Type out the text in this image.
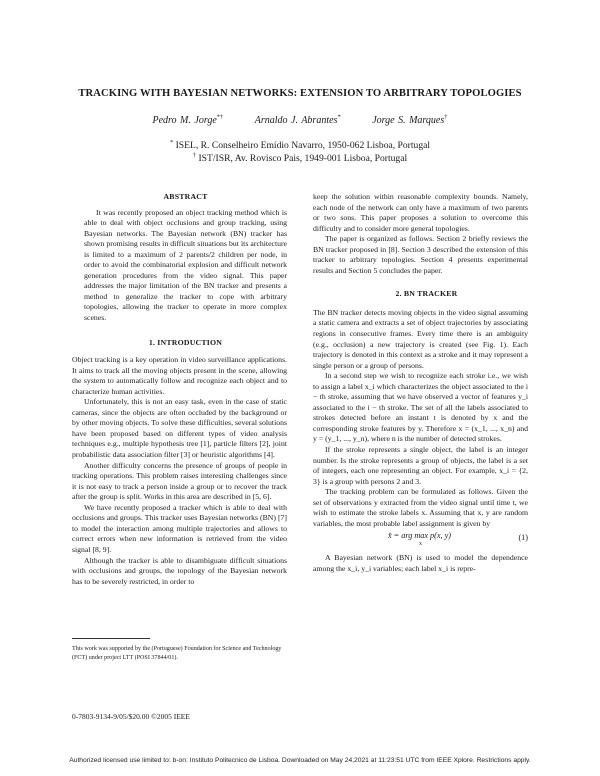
TRACKING WITH BAYESIAN NETWORKS: EXTENSION TO ARBITRARY TOPOLOGIES
Pedro M. Jorge*†	Arnaldo J. Abrantes*	Jorge S. Marques†
* ISEL, R. Conselheiro Emídio Navarro, 1950-062 Lisboa, Portugal
† IST/ISR, Av. Rovisco Pais, 1949-001 Lisboa, Portugal

ABSTRACT

It was recently proposed an object tracking method which is able to deal with object occlusions and group tracking, using Bayesian networks. The Bayesian network (BN) tracker has shown promising results in difficult situations but its architecture is limited to a maximum of 2 parents/2 children per node, in order to avoid the combinatorial explosion and difficult network generation procedures from the video signal. This paper addresses the major limitation of the BN tracker and presents a method to generalize the tracker to cope with arbitrary topologies, allowing the tracker to operate in more complex scenes.

1. INTRODUCTION

Object tracking is a key operation in video surveillance applications. It aims to track all the moving objects present in the scene, allowing the system to automatically follow and recognize each object and to characterize human activities.

Unfortunately, this is not an easy task, even in the case of static cameras, since the objects are often occluded by the background or by other moving objects. To solve these difficulties, several solutions have been proposed based on different types of video analysis techniques e.g., multiple hypothesis tree [1], particle filters [2], joint probabilistic data association filter [3] or heuristic algorithms [4].

Another difficulty concerns the presence of groups of people in tracking operations. This problem raises interesting challenges since it is not easy to track a person inside a group or to recover the track after the group is split. Works in this area are described in [5, 6].

We have recently proposed a tracker which is able to deal with occlusions and groups. This tracker uses Bayesian networks (BN) [7] to model the interaction among multiple trajectories and allows to correct errors when new information is retrieved from the video signal [8, 9].

Although the tracker is able to disambiguate difficult situations with occlusions and groups, the topology of the Bayesian network has to be severely restricted, in order to

This work was supported by the (Portuguese) Foundation for Science and Technology (FCT) under project LTT (POSI 37844/01).
0-7803-9134-9/05/$20.00 ©2005 IEEE

keep the solution within reasonable complexity bounds. Namely, each node of the network can only have a maximum of two parents or two sons. This paper proposes a solution to overcome this difficulty and to consider more general topologies.

The paper is organized as follows. Section 2 briefly reviews the BN tracker proposed in [8]. Section 3 described the extension of this tracker to arbitrary topologies. Section 4 presents experimental results and Section 5 concludes the paper.

2. BN TRACKER

The BN tracker detects moving objects in the video signal assuming a static camera and extracts a set of object trajectories by associating regions in consecutive frames. Every time there is an ambiguity (e.g., occlusion) a new trajectory is created (see Fig. 1). Each trajectory is denoted in this context as a stroke and it may represent a single person or a group of persons.

In a second step we wish to recognize each stroke i.e., we wish to assign a label x_i which characterizes the object associated to the i − th stroke, assuming that we have observed a vector of features y_i associated to the i − th stroke. The set of all the labels associated to strokes detected before an instant t is denoted by x and the corresponding stroke features by y. Therefore x = (x_1, ..., x_n) and y = (y_1, ..., y_n), where n is the number of detected strokes.

If the stroke represents a single object, the label is an integer number. Is the stroke represents a group of objects, the label is a set of integers, each one representing an object. For example, x_i = {2, 3} is a group with persons 2 and 3.

The tracking problem can be formulated as follows. Given the set of observations y extracted from the video signal until time t, we wish to estimate the stroke labels x. Assuming that x, y are random variables, the most probable label assignment is given by

x̂ = arg max p(x, $y)_x$
(1)

A Bayesian network (BN) is used to model the dependence among the x_i, y_i variables; each label x_i is repre-

Authorized licensed use limited to: b-on: Instituto Politecnico de Lisboa. Downloaded on May 24,2021 at 11:23:51 UTC from IEEE Xplore. Restrictions apply.
